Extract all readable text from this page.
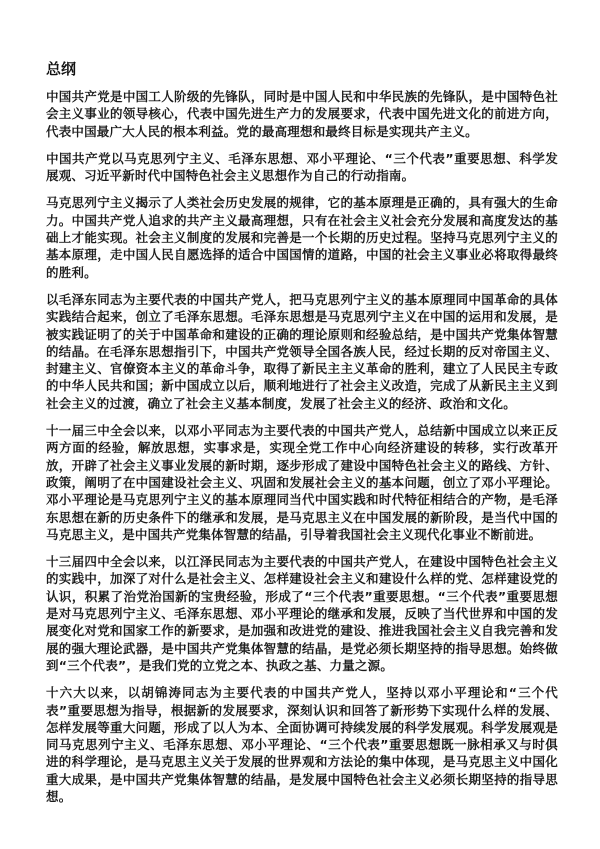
总纲

中国共产党是中国工人阶级的先锋队，同时是中国人民和中华民族的先锋队，是中国特色社会主义事业的领导核心，代表中国先进生产力的发展要求，代表中国先进文化的前进方向，代表中国最广大人民的根本利益。党的最高理想和最终目标是实现共产主义。

中国共产党以马克思列宁主义、毛泽东思想、邓小平理论、“三个代表”重要思想、科学发展观、习近平新时代中国特色社会主义思想作为自己的行动指南。

马克思列宁主义揭示了人类社会历史发展的规律，它的基本原理是正确的，具有强大的生命力。中国共产党人追求的共产主义最高理想，只有在社会主义社会充分发展和高度发达的基础上才能实现。社会主义制度的发展和完善是一个长期的历史过程。坚持马克思列宁主义的基本原理，走中国人民自愿选择的适合中国国情的道路，中国的社会主义事业必将取得最终的胜利。

以毛泽东同志为主要代表的中国共产党人，把马克思列宁主义的基本原理同中国革命的具体实践结合起来，创立了毛泽东思想。毛泽东思想是马克思列宁主义在中国的运用和发展，是被实践证明了的关于中国革命和建设的正确的理论原则和经验总结，是中国共产党集体智慧的结晶。在毛泽东思想指引下，中国共产党领导全国各族人民，经过长期的反对帝国主义、封建主义、官僚资本主义的革命斗争，取得了新民主主义革命的胜利，建立了人民民主专政的中华人民共和国；新中国成立以后，顺利地进行了社会主义改造，完成了从新民主主义到社会主义的过渡，确立了社会主义基本制度，发展了社会主义的经济、政治和文化。

十一届三中全会以来，以邓小平同志为主要代表的中国共产党人，总结新中国成立以来正反两方面的经验，解放思想，实事求是，实现全党工作中心向经济建设的转移，实行改革开放，开辟了社会主义事业发展的新时期，逐步形成了建设中国特色社会主义的路线、方针、政策，阐明了在中国建设社会主义、巩固和发展社会主义的基本问题，创立了邓小平理论。邓小平理论是马克思列宁主义的基本原理同当代中国实践和时代特征相结合的产物，是毛泽东思想在新的历史条件下的继承和发展，是马克思主义在中国发展的新阶段，是当代中国的马克思主义，是中国共产党集体智慧的结晶，引导着我国社会主义现代化事业不断前进。

十三届四中全会以来，以江泽民同志为主要代表的中国共产党人，在建设中国特色社会主义的实践中，加深了对什么是社会主义、怎样建设社会主义和建设什么样的党、怎样建设党的认识，积累了治党治国新的宝贵经验，形成了“三个代表”重要思想。“三个代表”重要思想是对马克思列宁主义、毛泽东思想、邓小平理论的继承和发展，反映了当代世界和中国的发展变化对党和国家工作的新要求，是加强和改进党的建设、推进我国社会主义自我完善和发展的强大理论武器，是中国共产党集体智慧的结晶，是党必须长期坚持的指导思想。始终做到“三个代表”，是我们党的立党之本、执政之基、力量之源。

十六大以来，以胡锦涛同志为主要代表的中国共产党人，坚持以邓小平理论和“三个代表”重要思想为指导，根据新的发展要求，深刻认识和回答了新形势下实现什么样的发展、怎样发展等重大问题，形成了以人为本、全面协调可持续发展的科学发展观。科学发展观是同马克思列宁主义、毛泽东思想、邓小平理论、“三个代表”重要思想既一脉相承又与时俱进的科学理论，是马克思主义关于发展的世界观和方法论的集中体现，是马克思主义中国化重大成果，是中国共产党集体智慧的结晶，是发展中国特色社会主义必须长期坚持的指导思想。
